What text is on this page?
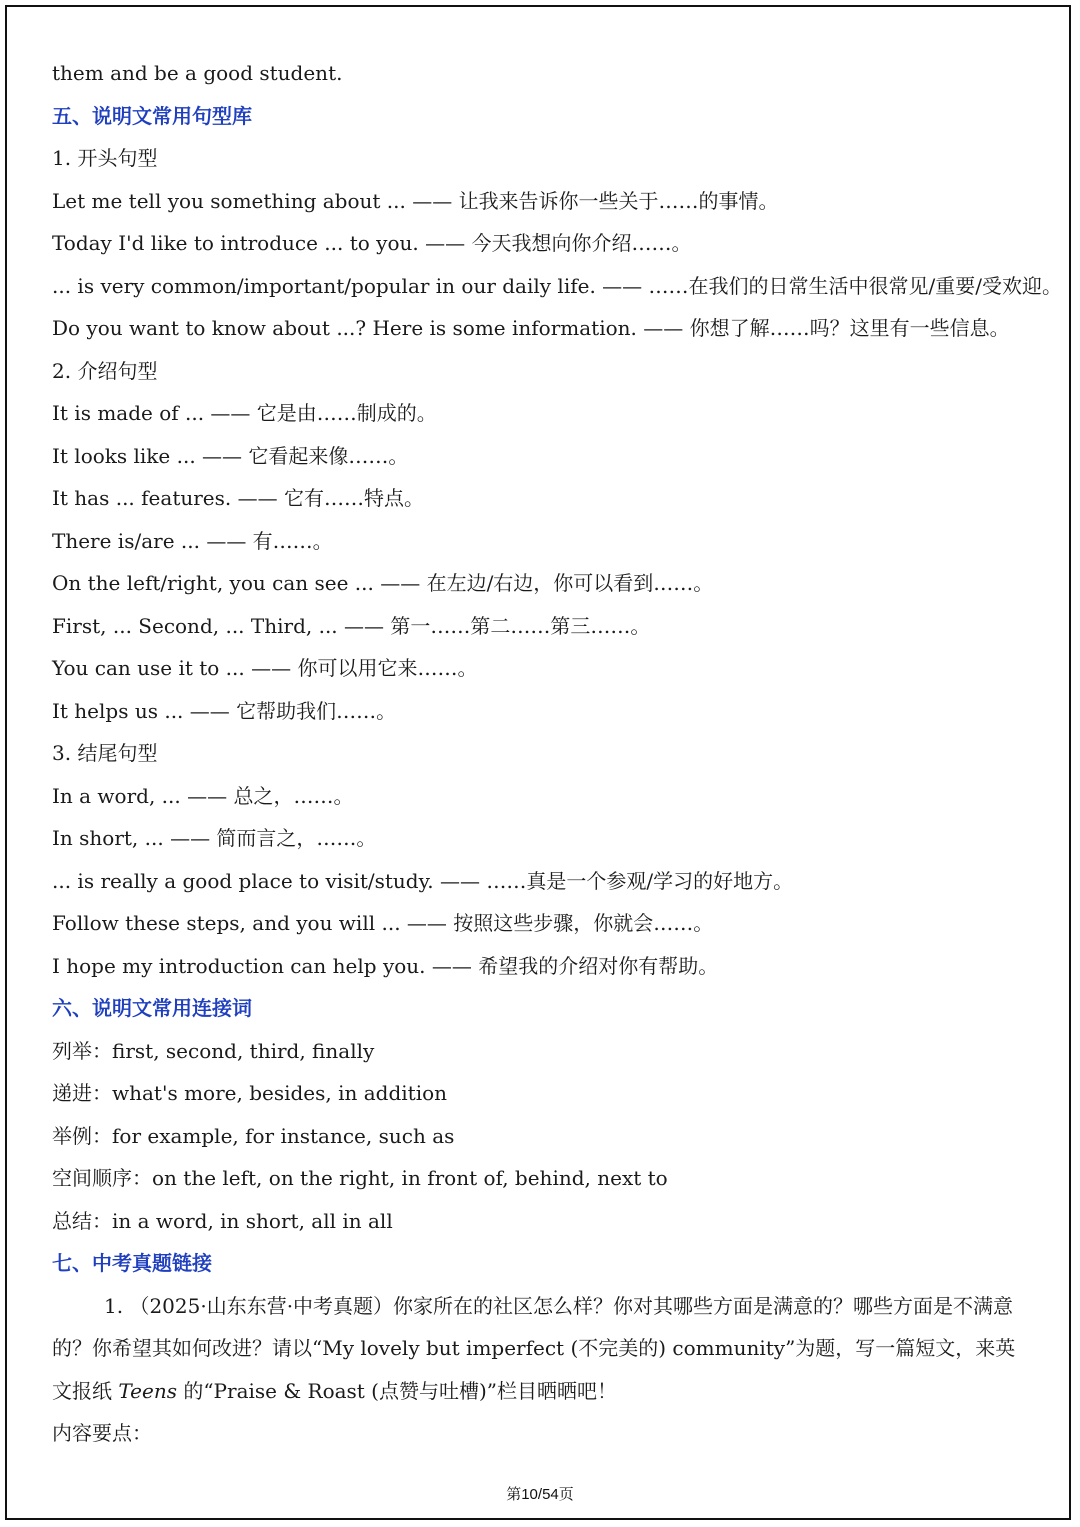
them and be a good student.
五、说明文常用句型库
1. 开头句型
Let me tell you something about ... —— 让我来告诉你一些关于……的事情。
Today I'd like to introduce ... to you. —— 今天我想向你介绍……。
... is very common/important/popular in our daily life. —— ……在我们的日常生活中很常见/重要/受欢迎。
Do you want to know about ...? Here is some information. —— 你想了解……吗？这里有一些信息。
2. 介绍句型
It is made of ... —— 它是由……制成的。
It looks like ... —— 它看起来像……。
It has ... features. —— 它有……特点。
There is/are ... —— 有……。
On the left/right, you can see ... —— 在左边/右边，你可以看到……。
First, ... Second, ... Third, ... —— 第一……第二……第三……。
You can use it to ... —— 你可以用它来……。
It helps us ... —— 它帮助我们……。
3. 结尾句型
In a word, ... —— 总之，……。
In short, ... —— 简而言之，……。
... is really a good place to visit/study. —— ……真是一个参观/学习的好地方。
Follow these steps, and you will ... —— 按照这些步骤，你就会……。
I hope my introduction can help you. —— 希望我的介绍对你有帮助。
六、说明文常用连接词
列举：first, second, third, finally
递进：what's more, besides, in addition
举例：for example, for instance, such as
空间顺序：on the left, on the right, in front of, behind, next to
总结：in a word, in short, all in all
七、中考真题链接
1. （2025·山东东营·中考真题）你家所在的社区怎么样？你对其哪些方面是满意的？哪些方面是不满意的？你希望其如何改进？请以“My lovely but imperfect (不完美的) community”为题，写一篇短文，来英文报纸 Teens 的“Praise & Roast (点赞与吐槽)”栏目晒晒吧！
内容要点：
第10/54页
